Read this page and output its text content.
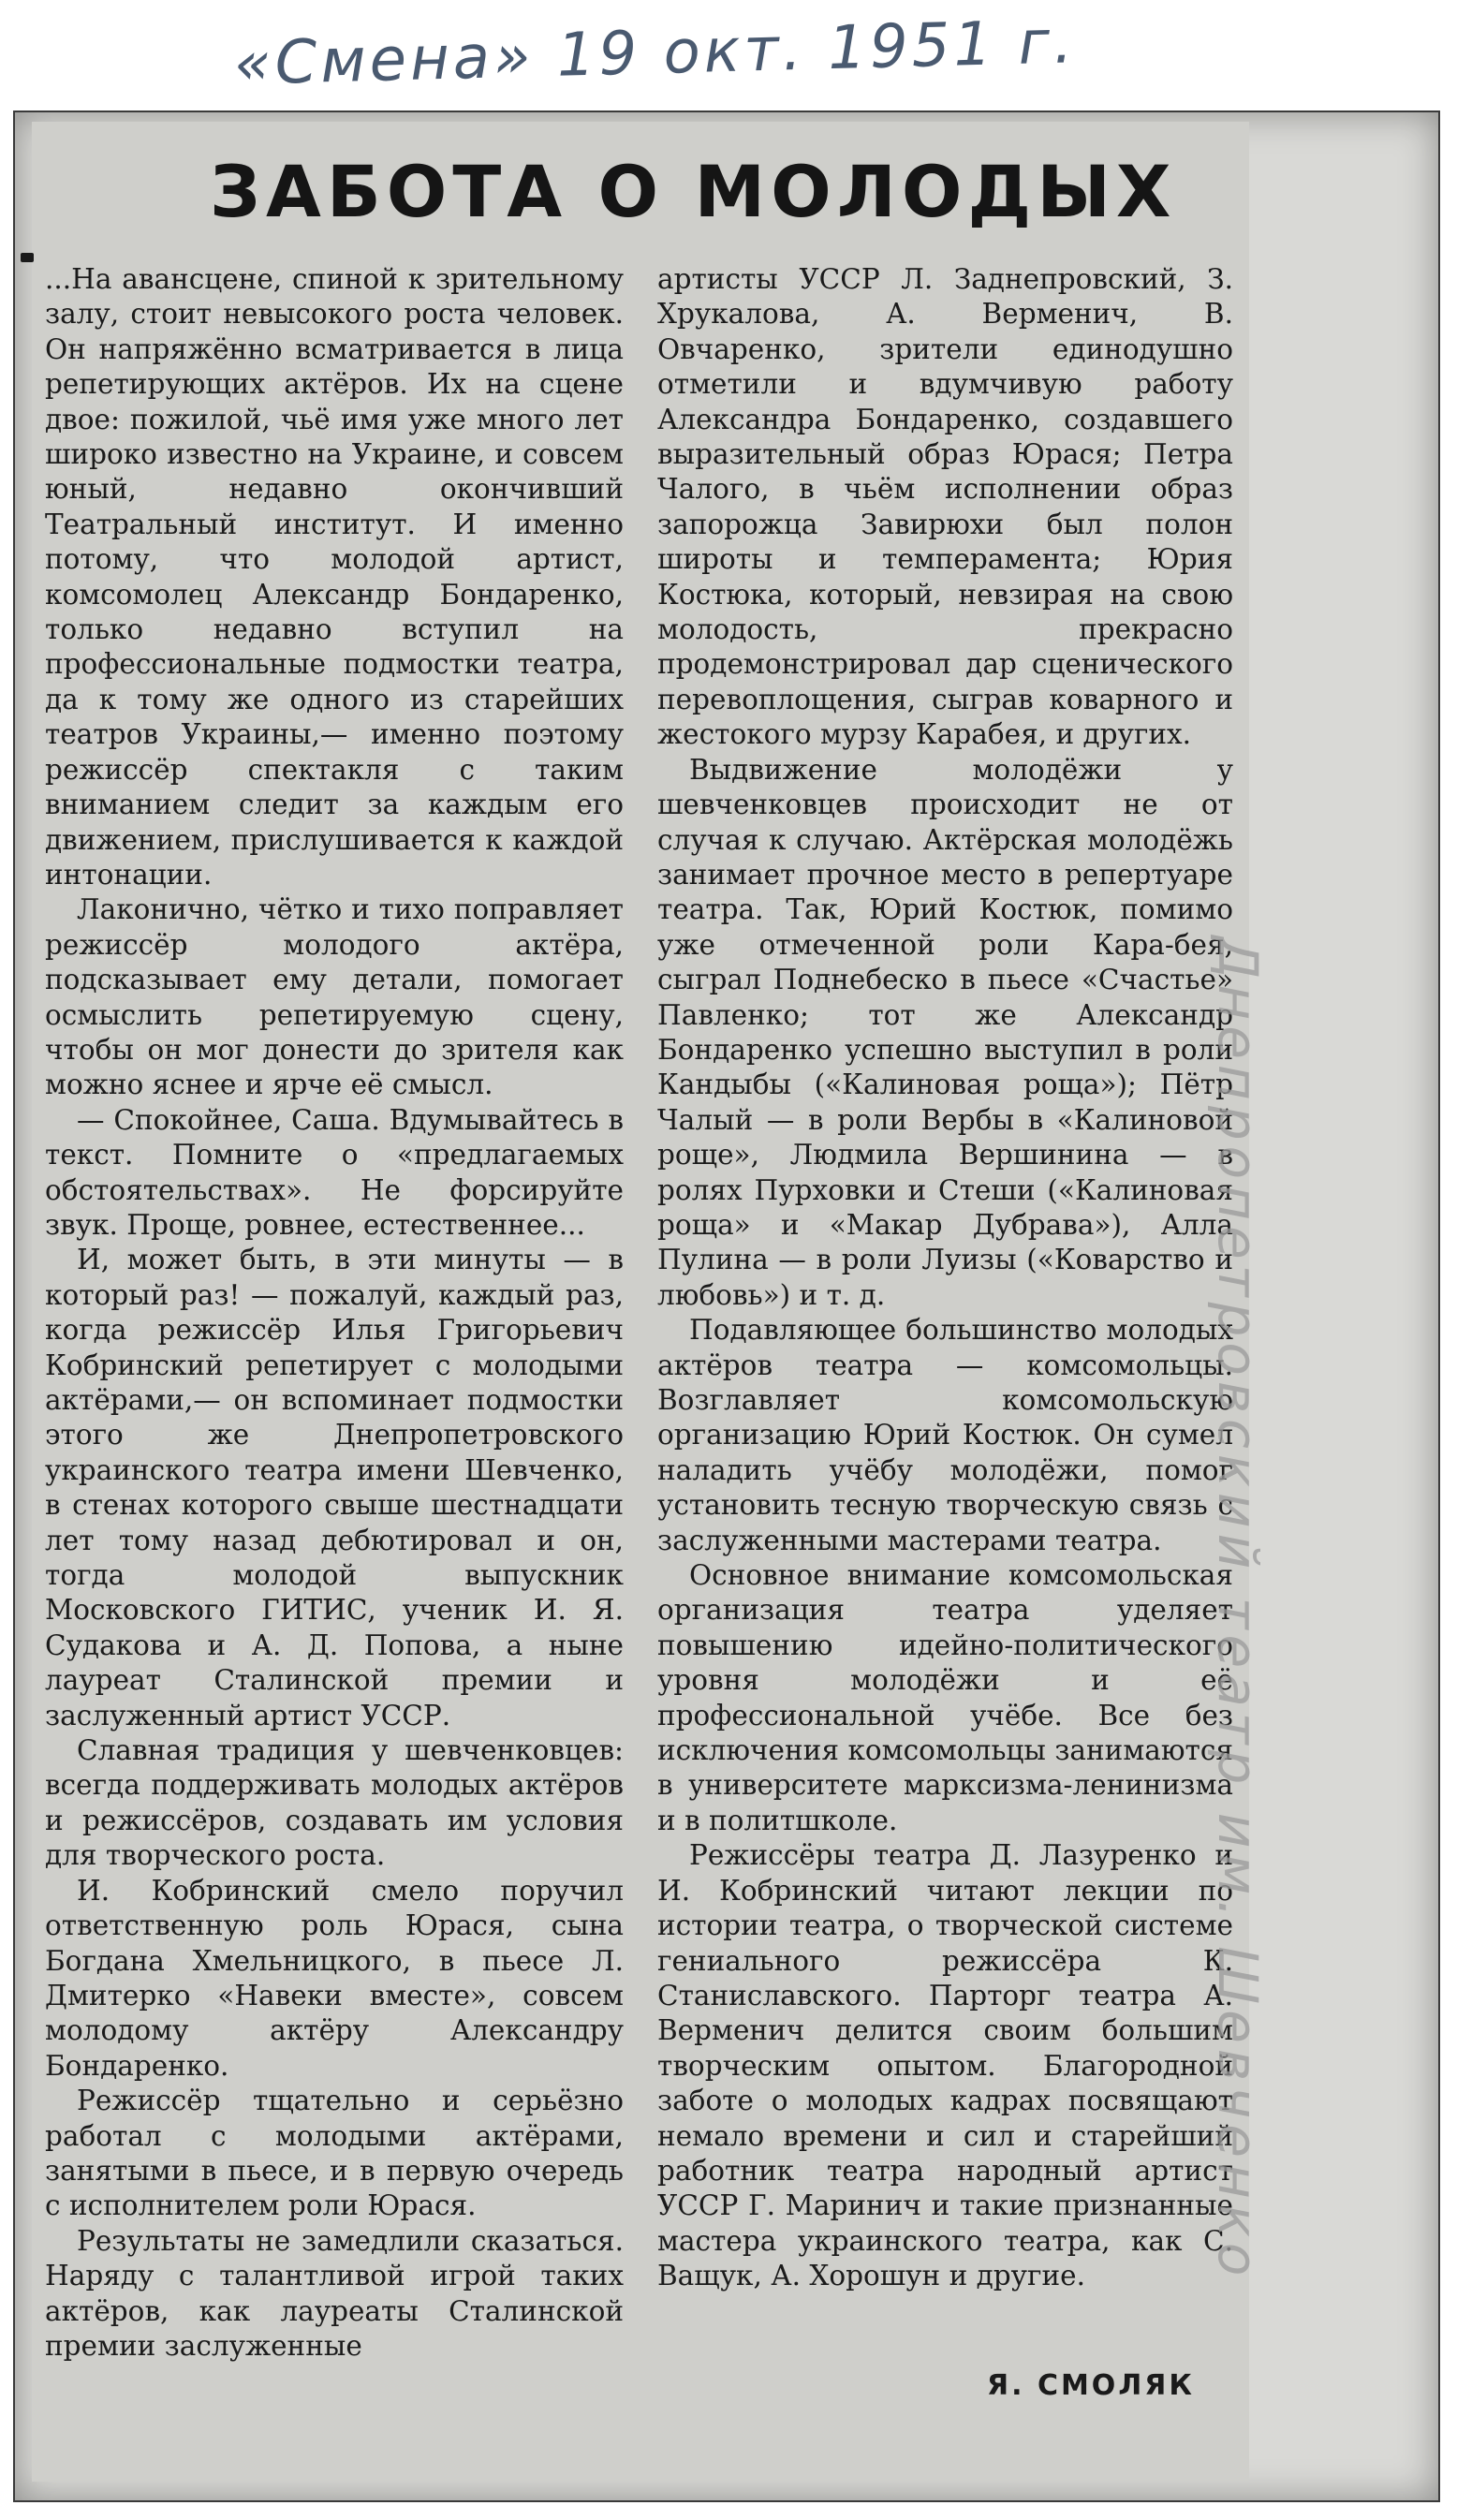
«Смена» 19 окт. 1951 г.
ЗАБОТА О МОЛОДЫХ

...На авансцене, спиной к зрительному залу, стоит невысокого роста человек. Он напряжённо всматривается в лица репетирующих актёров. Их на сцене двое: пожилой, чьё имя уже много лет широко известно на Украине, и совсем юный, недавно окончивший Театральный институт. И именно потому, что молодой артист, комсомолец Александр Бондаренко, только недавно вступил на профессиональные подмостки театра, да к тому же одного из старейших театров Украины,— именно поэтому режиссёр спектакля с таким вниманием следит за каждым его движением, прислушивается к каждой интонации.

Лаконично, чётко и тихо поправляет режиссёр молодого актёра, подсказывает ему детали, помогает осмыслить репетируемую сцену, чтобы он мог донести до зрителя как можно яснее и ярче её смысл.

— Спокойнее, Саша. Вдумывайтесь в текст. Помните о «предлагаемых обстоятельствах». Не форсируйте звук. Проще, ровнее, естественнее...

И, может быть, в эти минуты — в который раз! — пожалуй, каждый раз, когда режиссёр Илья Григорьевич Кобринский репетирует с молодыми актёрами,— он вспоминает подмостки этого же Днепропетровского украинского театра имени Шевченко, в стенах которого свыше шестнадцати лет тому назад дебютировал и он, тогда молодой выпускник Московского ГИТИС, ученик И. Я. Судакова и А. Д. Попова, а ныне лауреат Сталинской премии и заслуженный артист УССР.

Славная традиция у шевченковцев: всегда поддерживать молодых актёров и режиссёров, создавать им условия для творческого роста.

И. Кобринский смело поручил ответственную роль Юрася, сына Богдана Хмельницкого, в пьесе Л. Дмитерко «Навеки вместе», совсем молодому актёру Александру Бондаренко.

Режиссёр тщательно и серьёзно работал с молодыми актёрами, занятыми в пьесе, и в первую очередь с исполнителем роли Юрася.

Результаты не замедлили сказаться. Наряду с талантливой игрой таких актёров, как лауреаты Сталинской премии заслуженные

артисты УССР Л. Заднепровский, З. Хрукалова, А. Верменич, В. Овчаренко, зрители единодушно отметили и вдумчивую работу Александра Бондаренко, создавшего выразительный образ Юрася; Петра Чалого, в чьём исполнении образ запорожца Завирюхи был полон широты и темперамента; Юрия Костюка, который, невзирая на свою молодость, прекрасно продемонстрировал дар сценического перевоплощения, сыграв коварного и жестокого мурзу Карабея, и других.

Выдвижение молодёжи у шевченковцев происходит не от случая к случаю. Актёрская молодёжь занимает прочное место в репертуаре театра. Так, Юрий Костюк, помимо уже отмеченной роли Кара-бея, сыграл Поднебеско в пьесе «Счастье» Павленко; тот же Александр Бондаренко успешно выступил в роли Кандыбы («Калиновая роща»); Пётр Чалый — в роли Вербы в «Калиновой роще», Людмила Вершинина — в ролях Пурховки и Стеши («Калиновая роща» и «Макар Дубрава»), Алла Пулина — в роли Луизы («Коварство и любовь») и т. д.

Подавляющее большинство молодых актёров театра — комсомольцы. Возглавляет комсомольскую организацию Юрий Костюк. Он сумел наладить учёбу молодёжи, помог установить тесную творческую связь с заслуженными мастерами театра.

Основное внимание комсомольская организация театра уделяет повышению идейно-политического уровня молодёжи и её профессиональной учёбе. Все без исключения комсомольцы занимаются в университете марксизма-ленинизма и в политшколе.

Режиссёры театра Д. Лазуренко и И. Кобринский читают лекции по истории театра, о творческой системе гениального режиссёра К. Станиславского. Парторг театра А. Верменич делится своим большим творческим опытом. Благородной заботе о молодых кадрах посвящают немало времени и сил и старейший работник театра народный артист УССР Г. Маринич и такие признанные мастера украинского театра, как С. Ващук, А. Хорошун и другие.

Я. СМОЛЯК
Днепропетровский театр им. Шевченко
